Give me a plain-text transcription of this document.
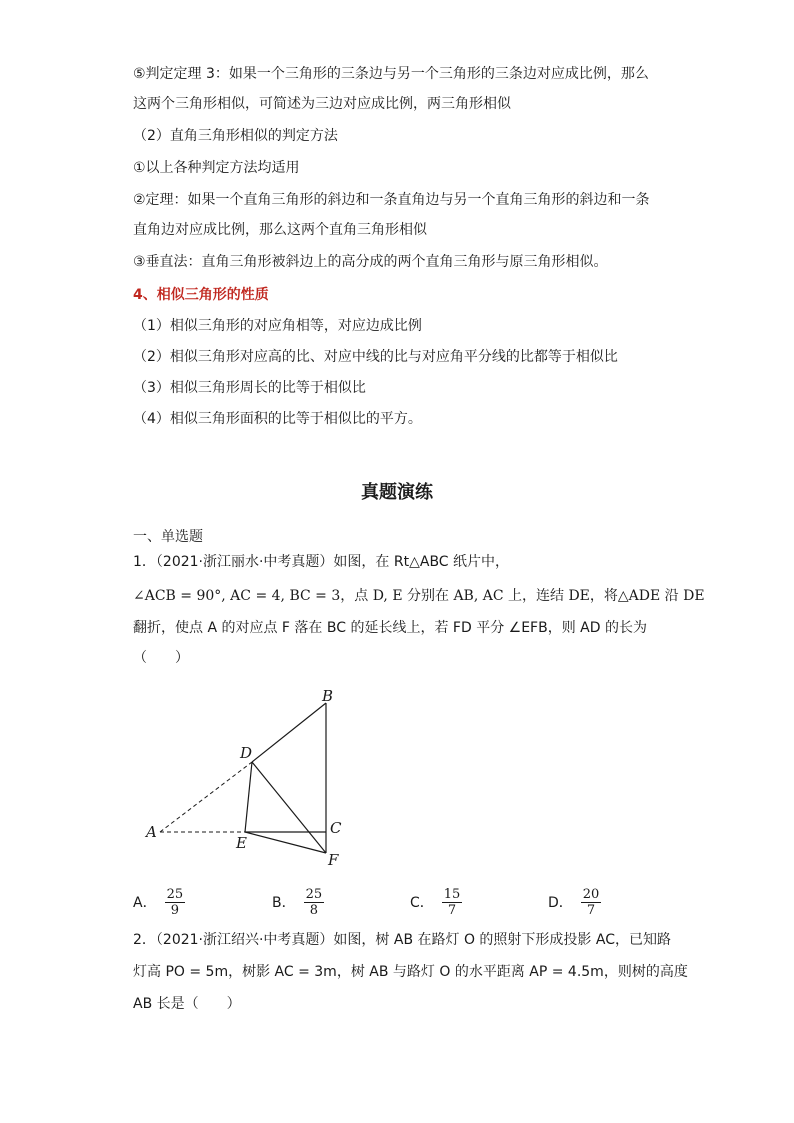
⑤判定定理 3：如果一个三角形的三条边与另一个三角形的三条边对应成比例，那么
这两个三角形相似，可简述为三边对应成比例，两三角形相似
（2）直角三角形相似的判定方法
①以上各种判定方法均适用
②定理：如果一个直角三角形的斜边和一条直角边与另一个直角三角形的斜边和一条
直角边对应成比例，那么这两个直角三角形相似
③垂直法：直角三角形被斜边上的高分成的两个直角三角形与原三角形相似。
4、相似三角形的性质
（1）相似三角形的对应角相等，对应边成比例
（2）相似三角形对应高的比、对应中线的比与对应角平分线的比都等于相似比
（3）相似三角形周长的比等于相似比
（4）相似三角形面积的比等于相似比的平方。
真题演练
一、单选题
1．（2021·浙江丽水·中考真题）如图，在 Rt△ABC 纸片中，
∠ACB = 90°, AC = 4, BC = 3，点 D, E 分别在 AB, AC 上，连结 DE，将△ADE 沿 DE
翻折，使点 A 的对应点 F 落在 BC 的延长线上，若 FD 平分 ∠EFB，则 AD 的长为
（　　）
A
B
C
D
E
F
A． $\frac{25}{9}$	B． $\frac{25}{8}$	C． $\frac{15}{7}$	D． $\frac{20}{7}$
2．（2021·浙江绍兴·中考真题）如图，树 AB 在路灯 O 的照射下形成投影 AC，已知路
灯高 PO = 5m，树影 AC = 3m，树 AB 与路灯 O 的水平距离 AP = 4.5m，则树的高度
AB 长是（　　）
